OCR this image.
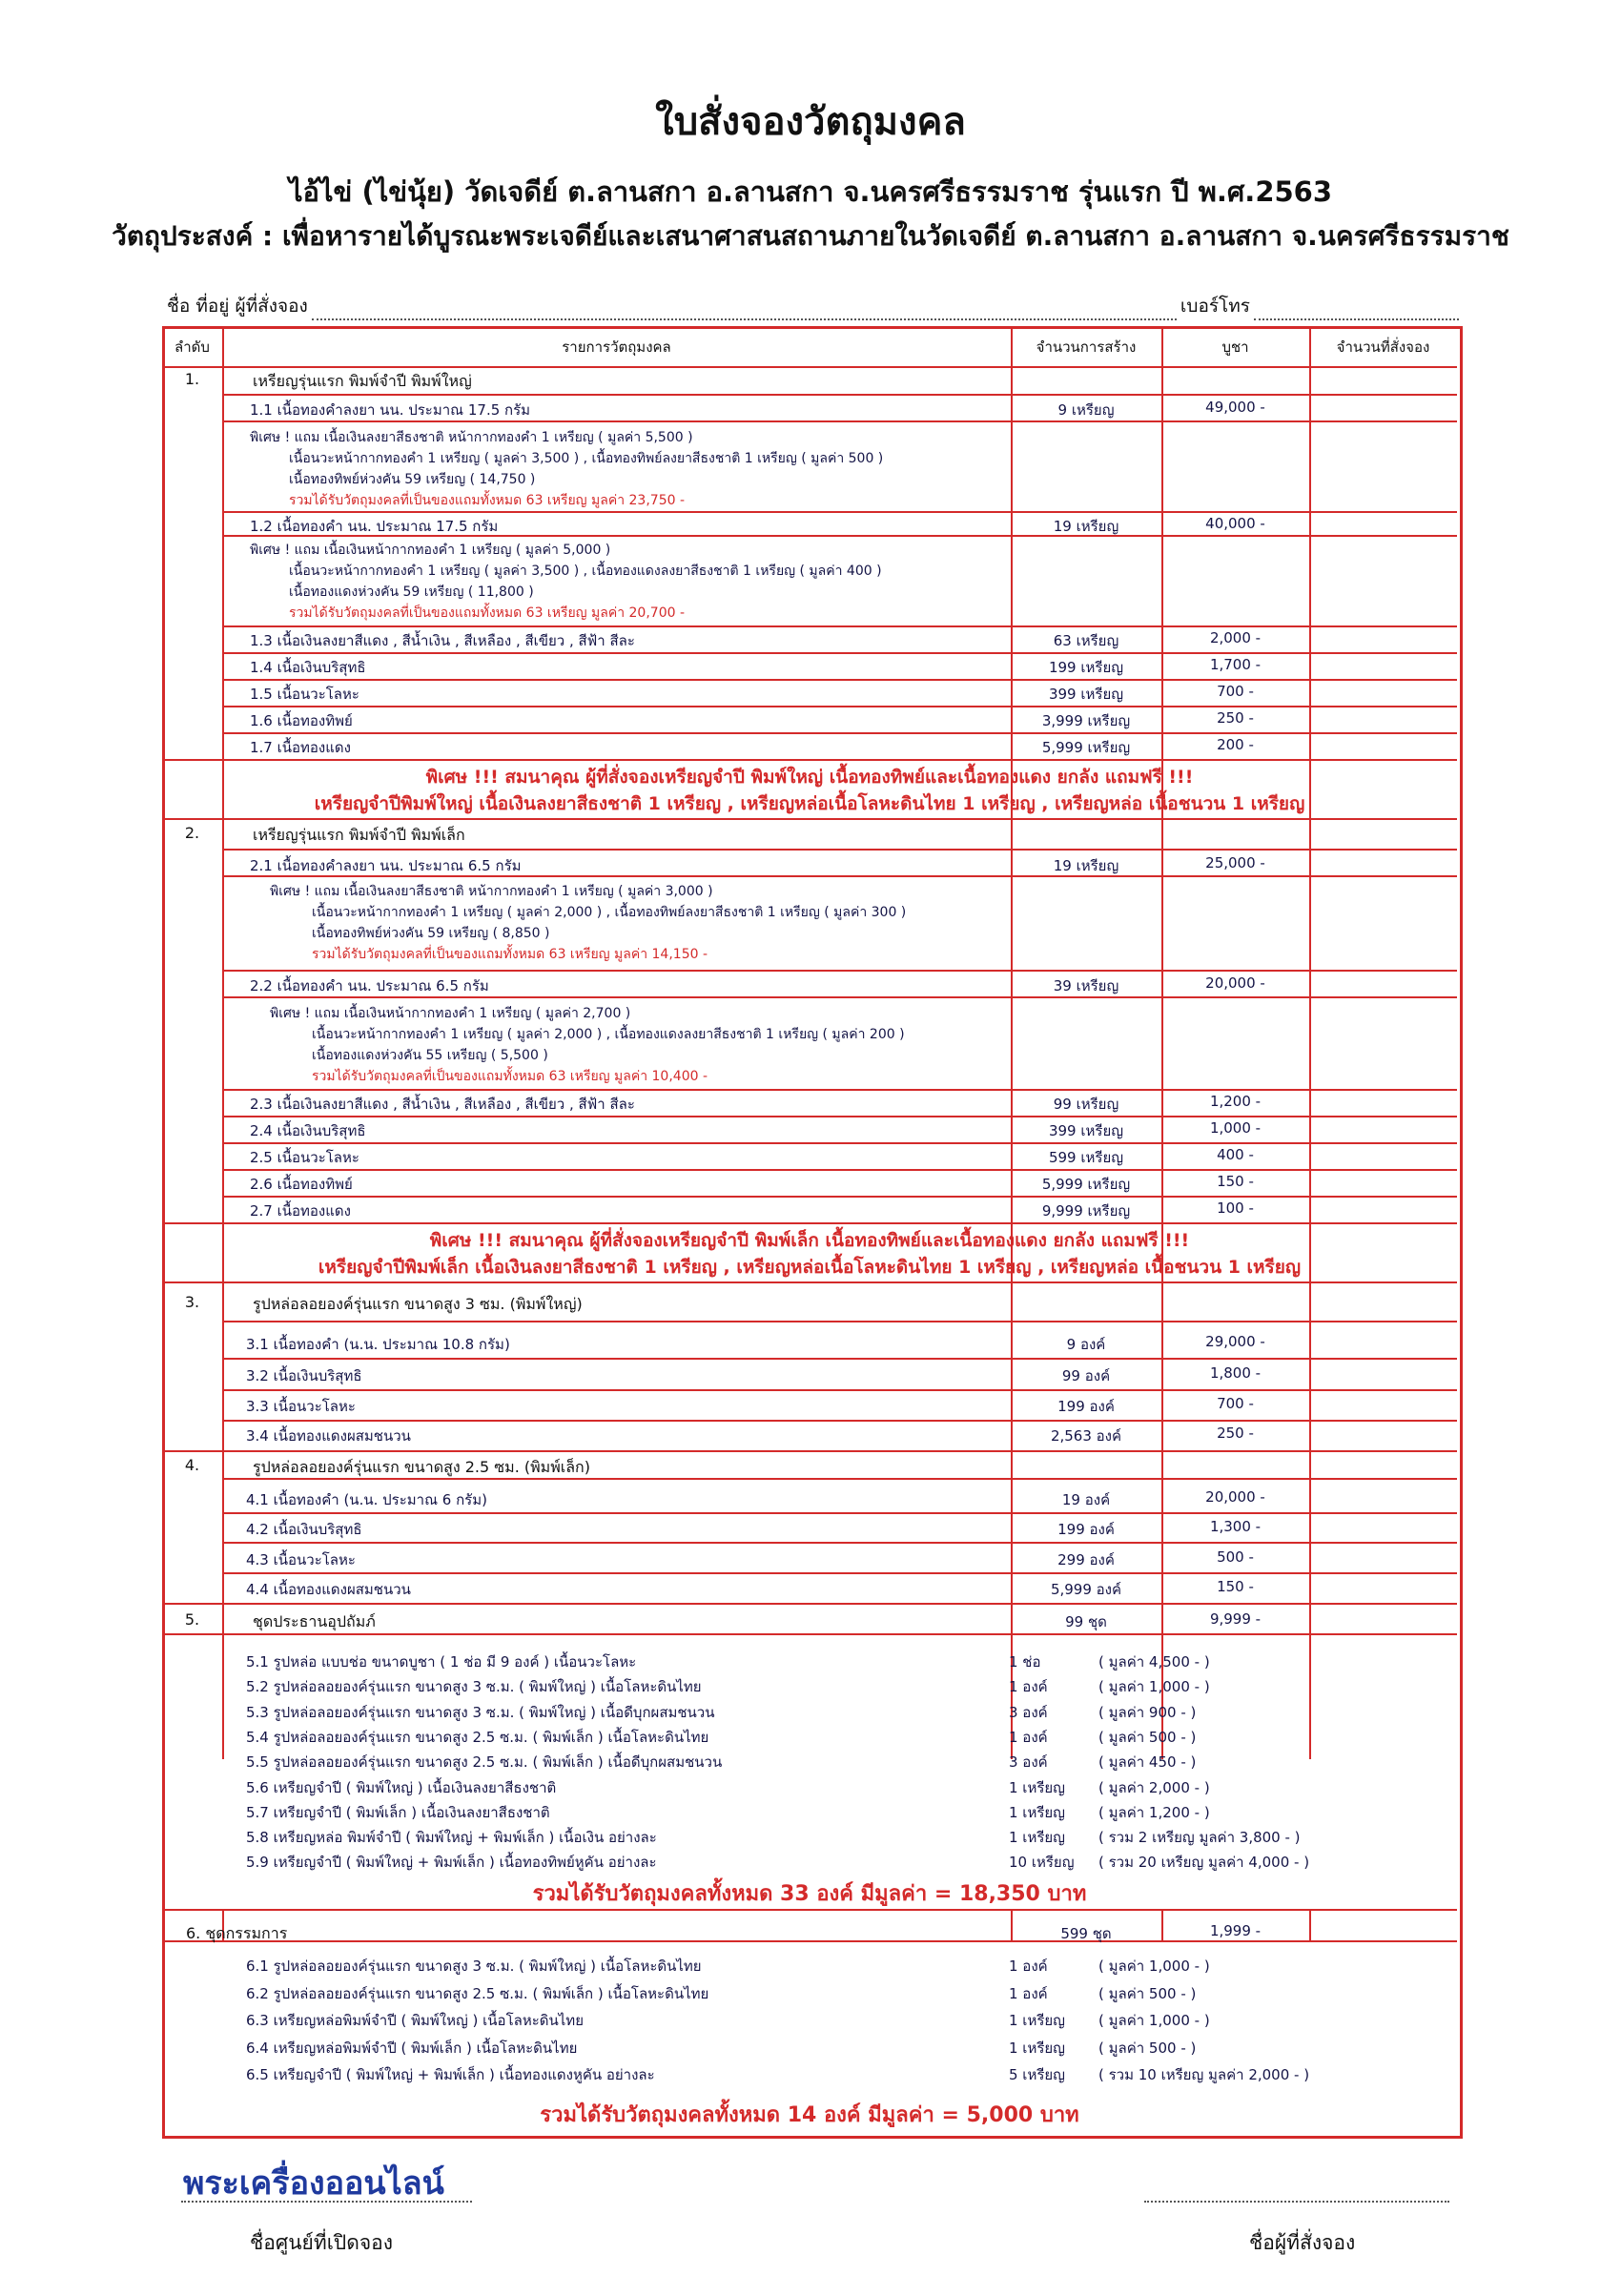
ใบสั่งจองวัตถุมงคล
ไอ้ไข่ (ไข่นุ้ย) วัดเจดีย์ ต.ลานสกา อ.ลานสกา จ.นครศรีธรรมราช รุ่นแรก ปี พ.ศ.2563
วัตถุประสงค์ : เพื่อหารายได้บูรณะพระเจดีย์และเสนาศาสนสถานภายในวัดเจดีย์ ต.ลานสกา อ.ลานสกา จ.นครศรีธรรมราช
ชื่อ ที่อยู่ ผู้ที่สั่งจอง	เบอร์โทร
ลำดับ	รายการวัตถุมงคล	จำนวนการสร้าง	บูชา	จำนวนที่สั่งจอง
1.	เหรียญรุ่นแรก พิมพ์จำปี พิมพ์ใหญ่
1.1 เนื้อทองคำลงยา นน. ประมาณ 17.5 กรัม	9 เหรียญ	49,000 -
พิเศษ ! แถม เนื้อเงินลงยาสีธงชาติ หน้ากากทองคำ 1 เหรียญ ( มูลค่า 5,500 )
เนื้อนวะหน้ากากทองคำ 1 เหรียญ ( มูลค่า 3,500 ) , เนื้อทองทิพย์ลงยาสีธงชาติ 1 เหรียญ ( มูลค่า 500 )
เนื้อทองทิพย์ห่วงคัน 59 เหรียญ ( 14,750 )
รวมได้รับวัตถุมงคลที่เป็นของแถมทั้งหมด 63 เหรียญ มูลค่า 23,750 -
1.2 เนื้อทองคำ นน. ประมาณ 17.5 กรัม	19 เหรียญ	40,000 -
พิเศษ ! แถม เนื้อเงินหน้ากากทองคำ 1 เหรียญ ( มูลค่า 5,000 )
เนื้อนวะหน้ากากทองคำ 1 เหรียญ ( มูลค่า 3,500 ) , เนื้อทองแดงลงยาสีธงชาติ 1 เหรียญ ( มูลค่า 400 )
เนื้อทองแดงห่วงคัน 59 เหรียญ ( 11,800 )
รวมได้รับวัตถุมงคลที่เป็นของแถมทั้งหมด 63 เหรียญ มูลค่า 20,700 -
1.3 เนื้อเงินลงยาสีแดง , สีน้ำเงิน , สีเหลือง , สีเขียว , สีฟ้า สีละ	63 เหรียญ	2,000 -
1.4 เนื้อเงินบริสุทธิ	199 เหรียญ	1,700 -
1.5 เนื้อนวะโลหะ	399 เหรียญ	700 -
1.6 เนื้อทองทิพย์	3,999 เหรียญ	250 -
1.7 เนื้อทองแดง	5,999 เหรียญ	200 -
พิเศษ !!! สมนาคุณ ผู้ที่สั่งจองเหรียญจำปี พิมพ์ใหญ่ เนื้อทองทิพย์และเนื้อทองแดง ยกลัง แถมฟรี !!!
เหรียญจำปีพิมพ์ใหญ่ เนื้อเงินลงยาสีธงชาติ 1 เหรียญ , เหรียญหล่อเนื้อโลหะดินไทย 1 เหรียญ , เหรียญหล่อ เนื้อชนวน 1 เหรียญ
2.	เหรียญรุ่นแรก พิมพ์จำปี พิมพ์เล็ก
2.1 เนื้อทองคำลงยา นน. ประมาณ 6.5 กรัม	19 เหรียญ	25,000 -
พิเศษ ! แถม เนื้อเงินลงยาสีธงชาติ หน้ากากทองคำ 1 เหรียญ ( มูลค่า 3,000 )
เนื้อนวะหน้ากากทองคำ 1 เหรียญ ( มูลค่า 2,000 ) , เนื้อทองทิพย์ลงยาสีธงชาติ 1 เหรียญ ( มูลค่า 300 )
เนื้อทองทิพย์ห่วงคัน 59 เหรียญ ( 8,850 )
รวมได้รับวัตถุมงคลที่เป็นของแถมทั้งหมด 63 เหรียญ มูลค่า 14,150 -
2.2 เนื้อทองคำ นน. ประมาณ 6.5 กรัม	39 เหรียญ	20,000 -
พิเศษ ! แถม เนื้อเงินหน้ากากทองคำ 1 เหรียญ ( มูลค่า 2,700 )
เนื้อนวะหน้ากากทองคำ 1 เหรียญ ( มูลค่า 2,000 ) , เนื้อทองแดงลงยาสีธงชาติ 1 เหรียญ ( มูลค่า 200 )
เนื้อทองแดงห่วงคัน 55 เหรียญ ( 5,500 )
รวมได้รับวัตถุมงคลที่เป็นของแถมทั้งหมด 63 เหรียญ มูลค่า 10,400 -
2.3 เนื้อเงินลงยาสีแดง , สีน้ำเงิน , สีเหลือง , สีเขียว , สีฟ้า สีละ	99 เหรียญ	1,200 -
2.4 เนื้อเงินบริสุทธิ	399 เหรียญ	1,000 -
2.5 เนื้อนวะโลหะ	599 เหรียญ	400 -
2.6 เนื้อทองทิพย์	5,999 เหรียญ	150 -
2.7 เนื้อทองแดง	9,999 เหรียญ	100 -
พิเศษ !!! สมนาคุณ ผู้ที่สั่งจองเหรียญจำปี พิมพ์เล็ก เนื้อทองทิพย์และเนื้อทองแดง ยกลัง แถมฟรี !!!
เหรียญจำปีพิมพ์เล็ก เนื้อเงินลงยาสีธงชาติ 1 เหรียญ , เหรียญหล่อเนื้อโลหะดินไทย 1 เหรียญ , เหรียญหล่อ เนื้อชนวน 1 เหรียญ
3.	รูปหล่อลอยองค์รุ่นแรก ขนาดสูง 3 ซม. (พิมพ์ใหญ่)
3.1 เนื้อทองคำ (น.น. ประมาณ 10.8 กรัม)	9 องค์	29,000 -
3.2 เนื้อเงินบริสุทธิ	99 องค์	1,800 -
3.3 เนื้อนวะโลหะ	199 องค์	700 -
3.4 เนื้อทองแดงผสมชนวน	2,563 องค์	250 -
4.	รูปหล่อลอยองค์รุ่นแรก ขนาดสูง 2.5 ซม. (พิมพ์เล็ก)
4.1 เนื้อทองคำ (น.น. ประมาณ 6 กรัม)	19 องค์	20,000 -
4.2 เนื้อเงินบริสุทธิ	199 องค์	1,300 -
4.3 เนื้อนวะโลหะ	299 องค์	500 -
4.4 เนื้อทองแดงผสมชนวน	5,999 องค์	150 -
5.	ชุดประธานอุปถัมภ์	99 ชุด	9,999 -
5.1 รูปหล่อ แบบช่อ ขนาดบูชา ( 1 ช่อ มี 9 องค์ ) เนื้อนวะโลหะ	1 ช่อ	( มูลค่า 4,500 - )
5.2 รูปหล่อลอยองค์รุ่นแรก ขนาดสูง 3 ซ.ม. ( พิมพ์ใหญ่ ) เนื้อโลหะดินไทย	1 องค์	( มูลค่า 1,000 - )
5.3 รูปหล่อลอยองค์รุ่นแรก ขนาดสูง 3 ซ.ม. ( พิมพ์ใหญ่ ) เนื้อดีบุกผสมชนวน	3 องค์	( มูลค่า 900 - )
5.4 รูปหล่อลอยองค์รุ่นแรก ขนาดสูง 2.5 ซ.ม. ( พิมพ์เล็ก ) เนื้อโลหะดินไทย	1 องค์	( มูลค่า 500 - )
5.5 รูปหล่อลอยองค์รุ่นแรก ขนาดสูง 2.5 ซ.ม. ( พิมพ์เล็ก ) เนื้อดีบุกผสมชนวน	3 องค์	( มูลค่า 450 - )
5.6 เหรียญจำปี ( พิมพ์ใหญ่ ) เนื้อเงินลงยาสีธงชาติ	1 เหรียญ ( มูลค่า 2,000 - )
5.7 เหรียญจำปี ( พิมพ์เล็ก ) เนื้อเงินลงยาสีธงชาติ	1 เหรียญ ( มูลค่า 1,200 - )
5.8 เหรียญหล่อ พิมพ์จำปี ( พิมพ์ใหญ่ + พิมพ์เล็ก ) เนื้อเงิน อย่างละ	1 เหรียญ ( รวม 2 เหรียญ มูลค่า 3,800 - )
5.9 เหรียญจำปี ( พิมพ์ใหญ่ + พิมพ์เล็ก ) เนื้อทองทิพย์หูคัน อย่างละ	10 เหรียญ ( รวม 20 เหรียญ มูลค่า 4,000 - )
รวมได้รับวัตถุมงคลทั้งหมด 33 องค์ มีมูลค่า = 18,350 บาท
6. ชุดกรรมการ	599 ชุด	1,999 -
6.1 รูปหล่อลอยองค์รุ่นแรก ขนาดสูง 3 ซ.ม. ( พิมพ์ใหญ่ ) เนื้อโลหะดินไทย	1 องค์	( มูลค่า 1,000 - )
6.2 รูปหล่อลอยองค์รุ่นแรก ขนาดสูง 2.5 ซ.ม. ( พิมพ์เล็ก ) เนื้อโลหะดินไทย	1 องค์	( มูลค่า 500 - )
6.3 เหรียญหล่อพิมพ์จำปี ( พิมพ์ใหญ่ ) เนื้อโลหะดินไทย	1 เหรียญ ( มูลค่า 1,000 - )
6.4 เหรียญหล่อพิมพ์จำปี ( พิมพ์เล็ก ) เนื้อโลหะดินไทย	1 เหรียญ ( มูลค่า 500 - )
6.5 เหรียญจำปี ( พิมพ์ใหญ่ + พิมพ์เล็ก ) เนื้อทองแดงหูคัน อย่างละ	5 เหรียญ ( รวม 10 เหรียญ มูลค่า 2,000 - )
รวมได้รับวัตถุมงคลทั้งหมด 14 องค์ มีมูลค่า = 5,000 บาท
พระเครื่องออนไลน์
ชื่อศูนย์ที่เปิดจอง	ชื่อผู้ที่สั่งจอง
